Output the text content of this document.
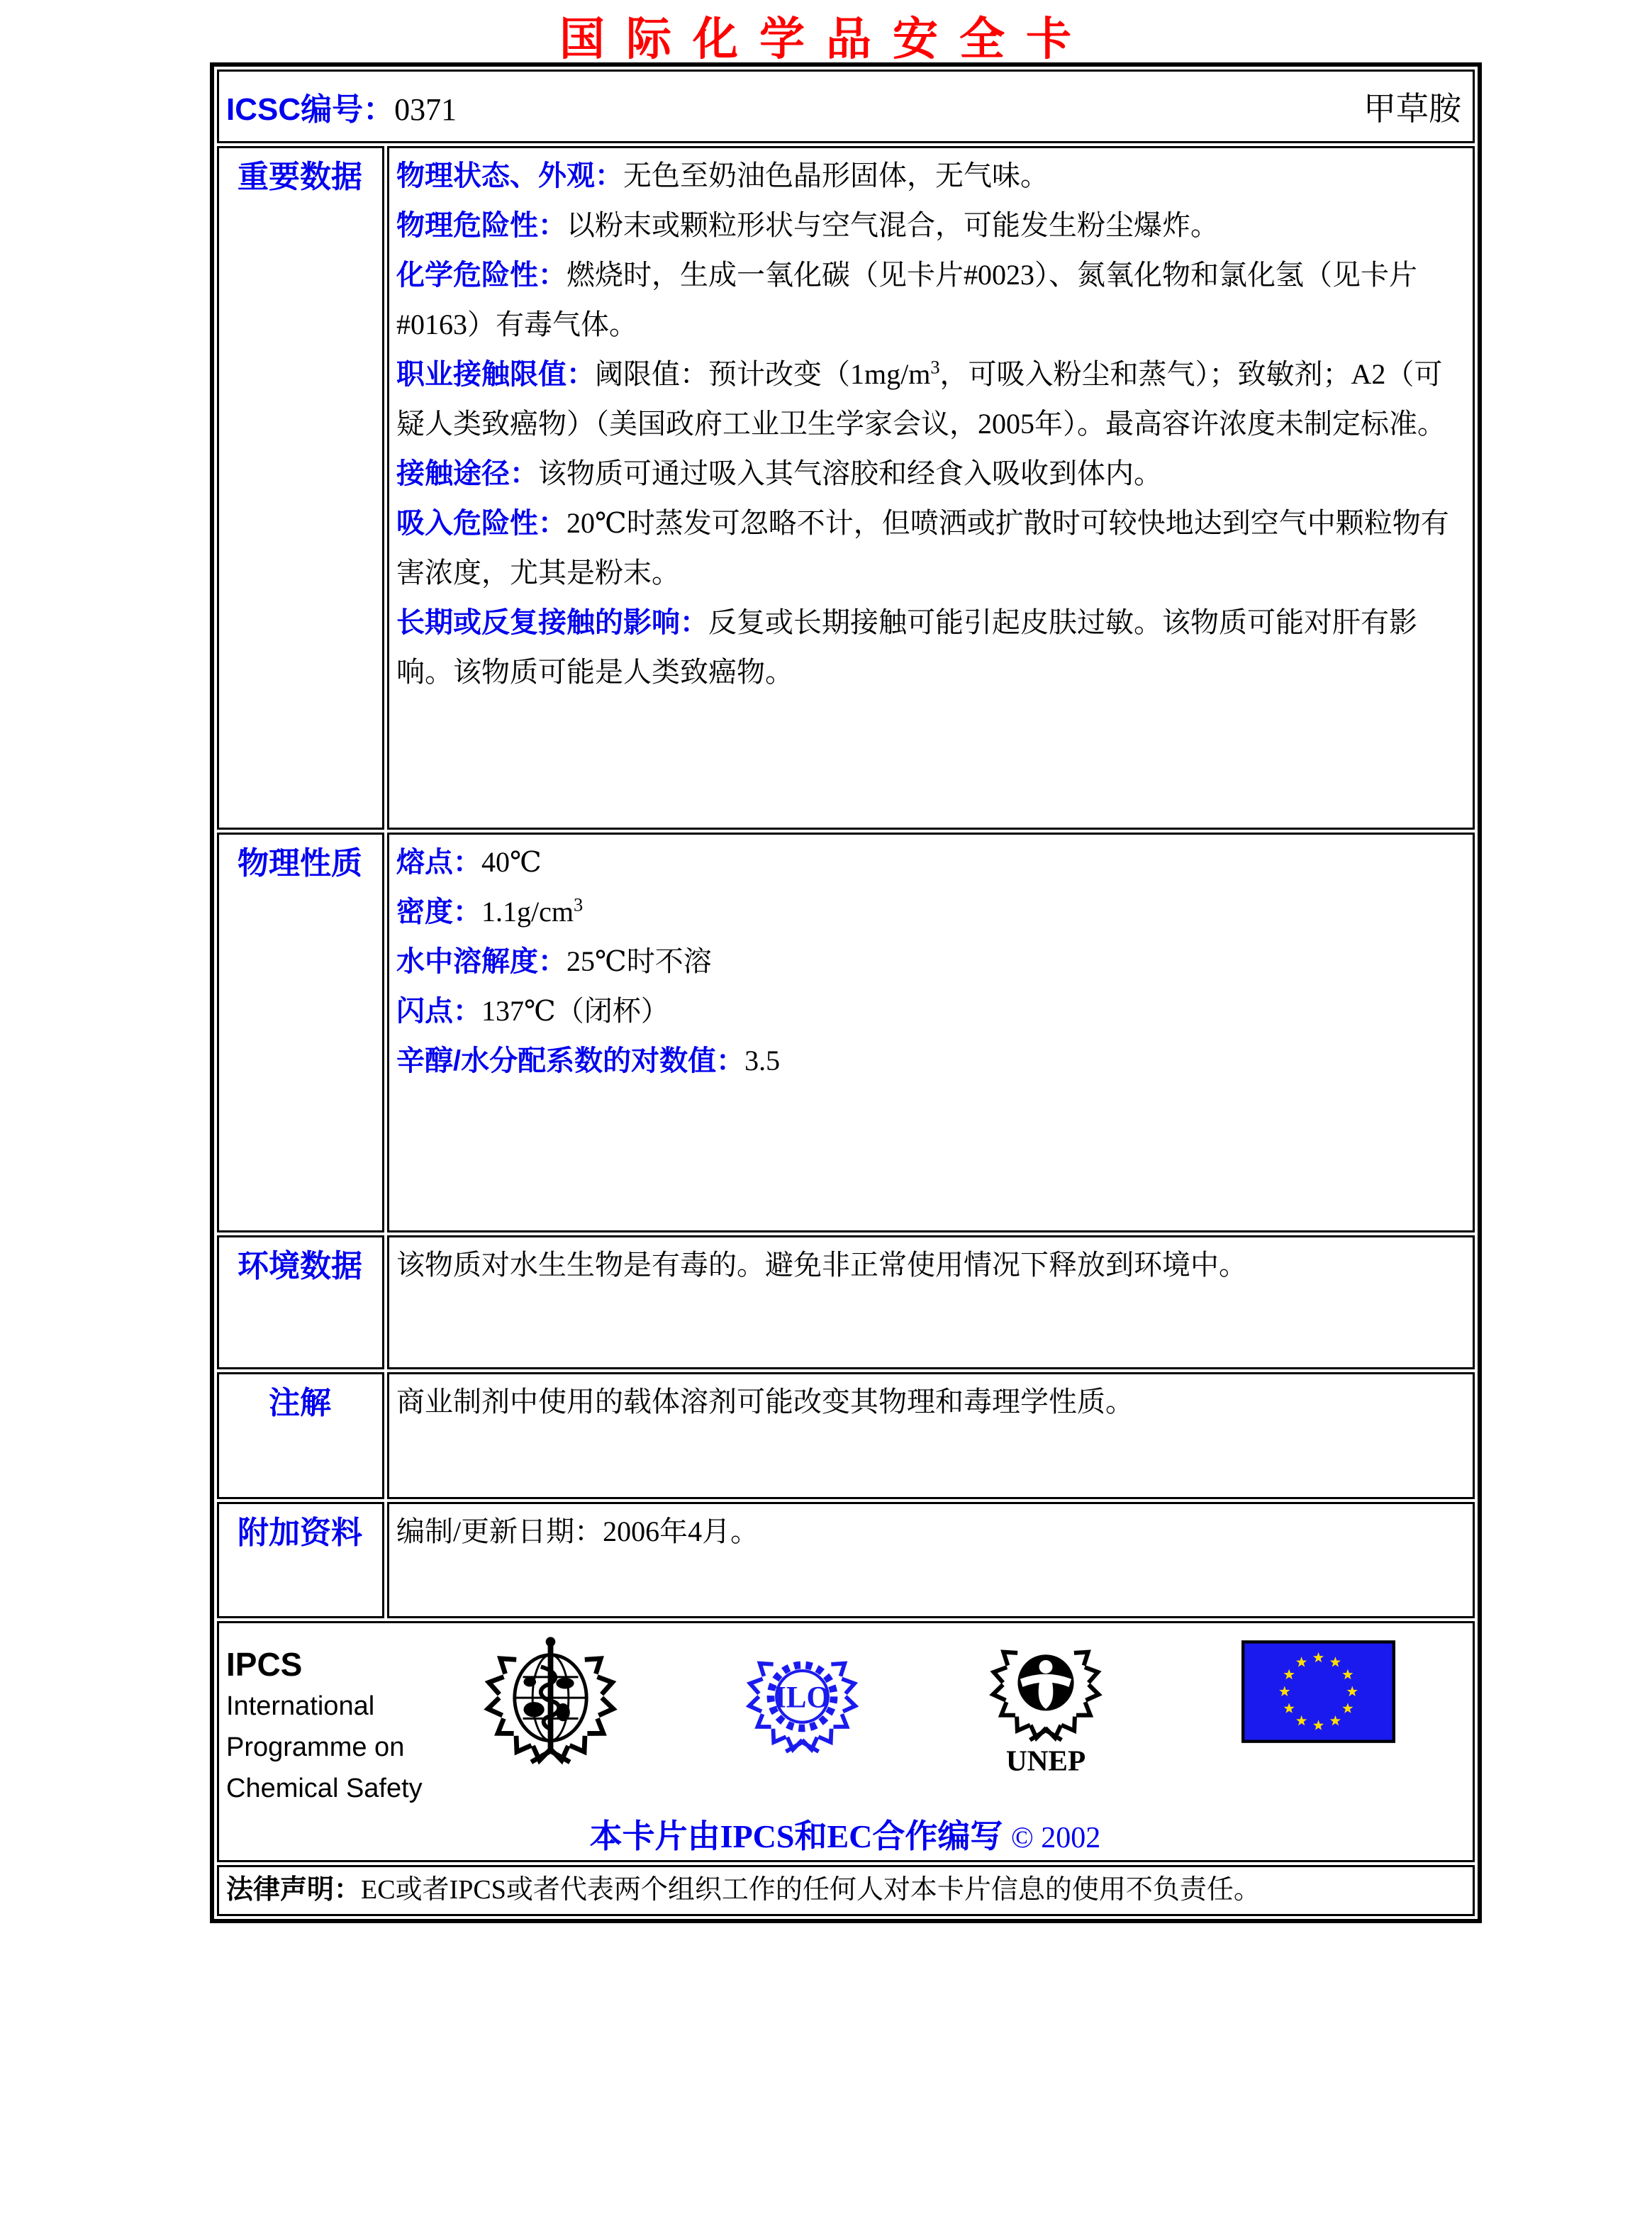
国际化学品安全卡
ICSC编号：0371 甲草胺	

重要数据	物理状态、外观：无色至奶油色晶形固体，无气味。

物理危险性：以粉末或颗粒形状与空气混合，可能发生粉尘爆炸。

化学危险性：燃烧时，生成一氧化碳（见卡片#0023）、氮氧化物和氯化氢（见卡片#0163）有毒气体。

职业接触限值：阈限值：预计改变（$1mg/m^3$，可吸入粉尘和蒸气）；致敏剂；A2（可疑人类致癌物）（美国政府工业卫生学家会议，2005年）。最高容许浓度未制定标准。

接触途径：该物质可通过吸入其气溶胶和经食入吸收到体内。

吸入危险性：20℃时蒸发可忽略不计，但喷洒或扩散时可较快地达到空气中颗粒物有害浓度，尤其是粉末。

长期或反复接触的影响：反复或长期接触可能引起皮肤过敏。该物质可能对肝有影响。该物质可能是人类致癌物。

物理性质	熔点：40℃

密度：$1.1g/cm^3$

水中溶解度：25℃时不溶

闪点：137℃（闭杯）

辛醇/水分配系数的对数值：3.5

环境数据	该物质对水生生物是有毒的。避免非正常使用情况下释放到环境中。

注解	商业制剂中使用的载体溶剂可能改变其物理和毒理学性质。

附加资料	编制/更新日期：2006年4月。

IPCS
International
Programme on
Chemical Safety
ILO
UNEP
本卡片由IPCS和EC合作编写 © 2002

法律声明：EC或者IPCS或者代表两个组织工作的任何人对本卡片信息的使用不负责任。	
